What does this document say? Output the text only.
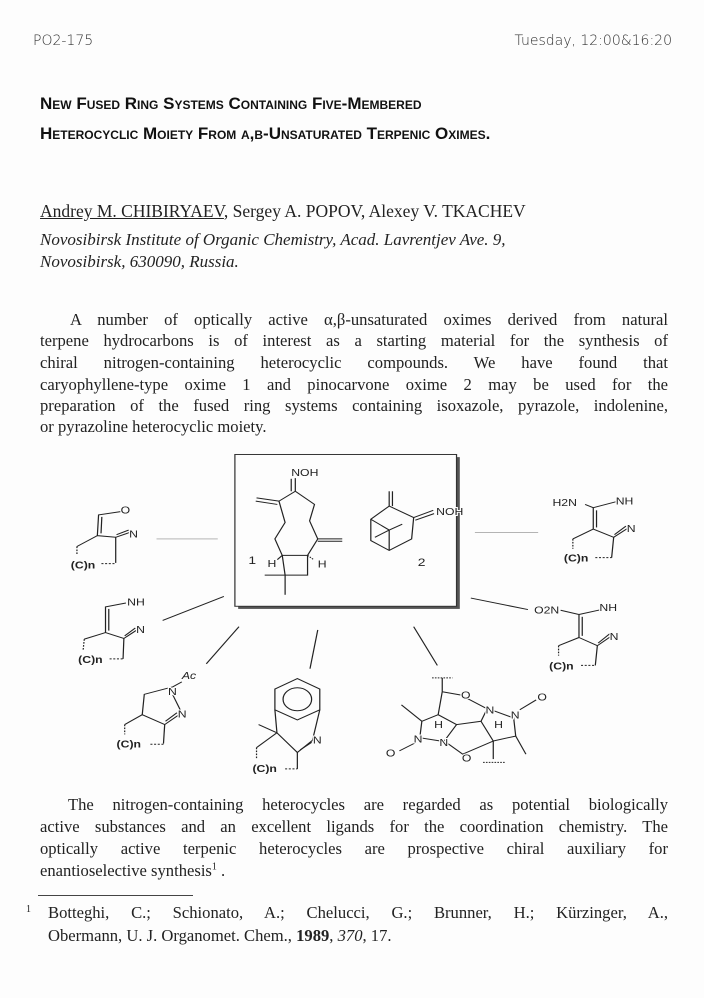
PO2-175	Tuesday, 12:00&16:20
New Fused Ring Systems Containing Five-Membered
Heterocyclic Moiety From α,β-Unsaturated Terpenic Oximes.
Andrey M. CHIBIRYAEV, Sergey A. POPOV, Alexey V. TKACHEV
Novosibirsk Institute of Organic Chemistry, Acad. Lavrentjev Ave. 9,
Novosibirsk, 630090, Russia.
A number of optically active α,β-unsaturated oximes derived from natural
terpene hydrocarbons is of interest as a starting material for the synthesis of
chiral nitrogen-containing heterocyclic compounds. We have found that
caryophyllene-type oxime 1 and pinocarvone oxime 2 may be used for the
preparation of the fused ring systems containing isoxazole, pyrazole, indolenine,
or pyrazoline heterocyclic moiety.
NOH
1 H H
NOH
2
O
N
(C)n
NH
N
(C)n
H2N NH
N
(C)n
O2N NH
N
(C)n
Ac
N
N
(C)n	N
(C)n
O
N N
O
H H
N N
O O
The nitrogen-containing heterocycles are regarded as potential biologically
active substances and an excellent ligands for the coordination chemistry. The
optically active terpenic heterocycles are prospective chiral auxiliary for
enantioselective synthesis$^1$ .
1 Botteghi, C.; Schionato, A.; Chelucci, G.; Brunner, H.; Kürzinger, A.,
Obermann, U. J. Organomet. Chem., 1989, 370, 17.
